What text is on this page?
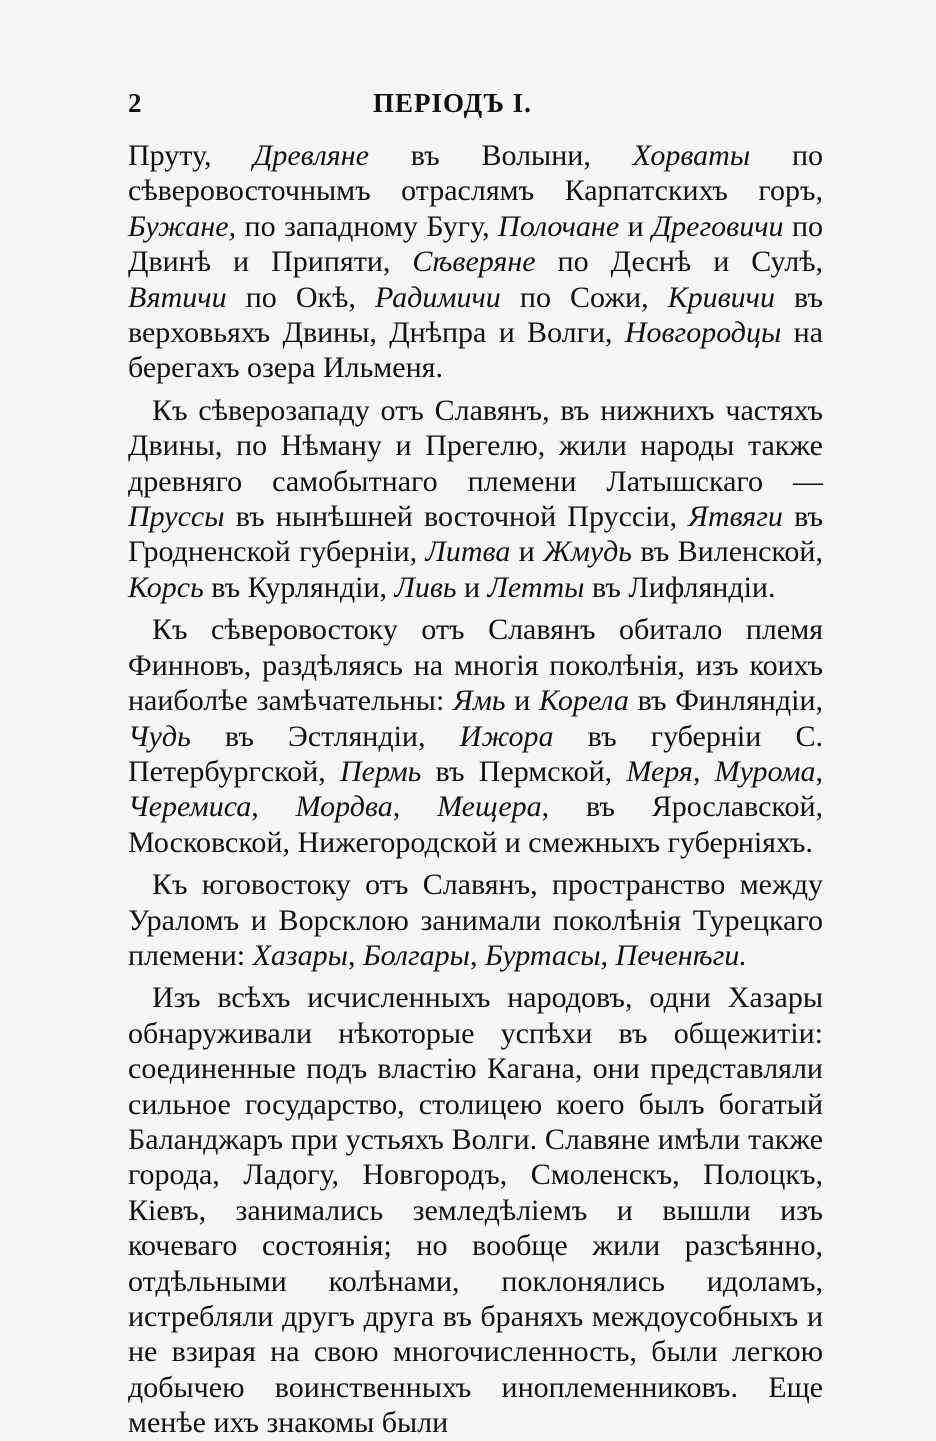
2	ПЕРІОДЪ I.

Пруту, Древляне въ Волыни, Хорваты по сѣверовосточнымъ отраслямъ Карпатскихъ горъ, Бужане, по западному Бугу, Полочане и Дреговичи по Двинѣ и Припяти, Сѣверяне по Деснѣ и Сулѣ, Вятичи по Окѣ, Радимичи по Сожи, Кривичи въ верховьяхъ Двины, Днѣпра и Волги, Новгородцы на берегахъ озера Ильменя.

Къ сѣверозападу отъ Славянъ, въ нижнихъ частяхъ Двины, по Нѣману и Прегелю, жили народы также древняго самобытнаго племени Латышскаго — Пруссы въ нынѣшней восточной Пруссіи, Ятвяги въ Гродненской губерніи, Литва и Жмудь въ Виленской, Корсь въ Курляндіи, Ливь и Летты въ Лифляндіи.

Къ сѣверовостоку отъ Славянъ обитало племя Финновъ, раздѣляясь на многія поколѣнія, изъ коихъ наиболѣе замѣчательны: Ямь и Корела въ Финляндіи, Чудь въ Эстляндіи, Ижора въ губерніи С. Петербургской, Пермь въ Пермской, Меря, Мурома, Черемиса, Мордва, Мещера, въ Ярославской, Московской, Нижегородской и смежныхъ губерніяхъ.

Къ юговостоку отъ Славянъ, пространство между Ураломъ и Ворсклою занимали поколѣнія Турецкаго племени: Хазары, Болгары, Буртасы, Печенѣги.

Изъ всѣхъ исчисленныхъ народовъ, одни Хазары обнаруживали нѣкоторые успѣхи въ общежитіи: соединенные подъ властію Кагана, они представляли сильное государство, столицею коего былъ богатый Баланджаръ при устьяхъ Волги. Славяне имѣли также города, Ладогу, Новгородъ, Смоленскъ, Полоцкъ, Кіевъ, занимались земледѣліемъ и вышли изъ кочеваго состоянія; но вообще жили разсѣянно, отдѣльными колѣнами, поклонялись идоламъ, истребляли другъ друга въ браняхъ междоусобныхъ и не взирая на свою многочисленность, были легкою добычею воинственныхъ иноплеменниковъ. Еще менѣе ихъ знакомы были
